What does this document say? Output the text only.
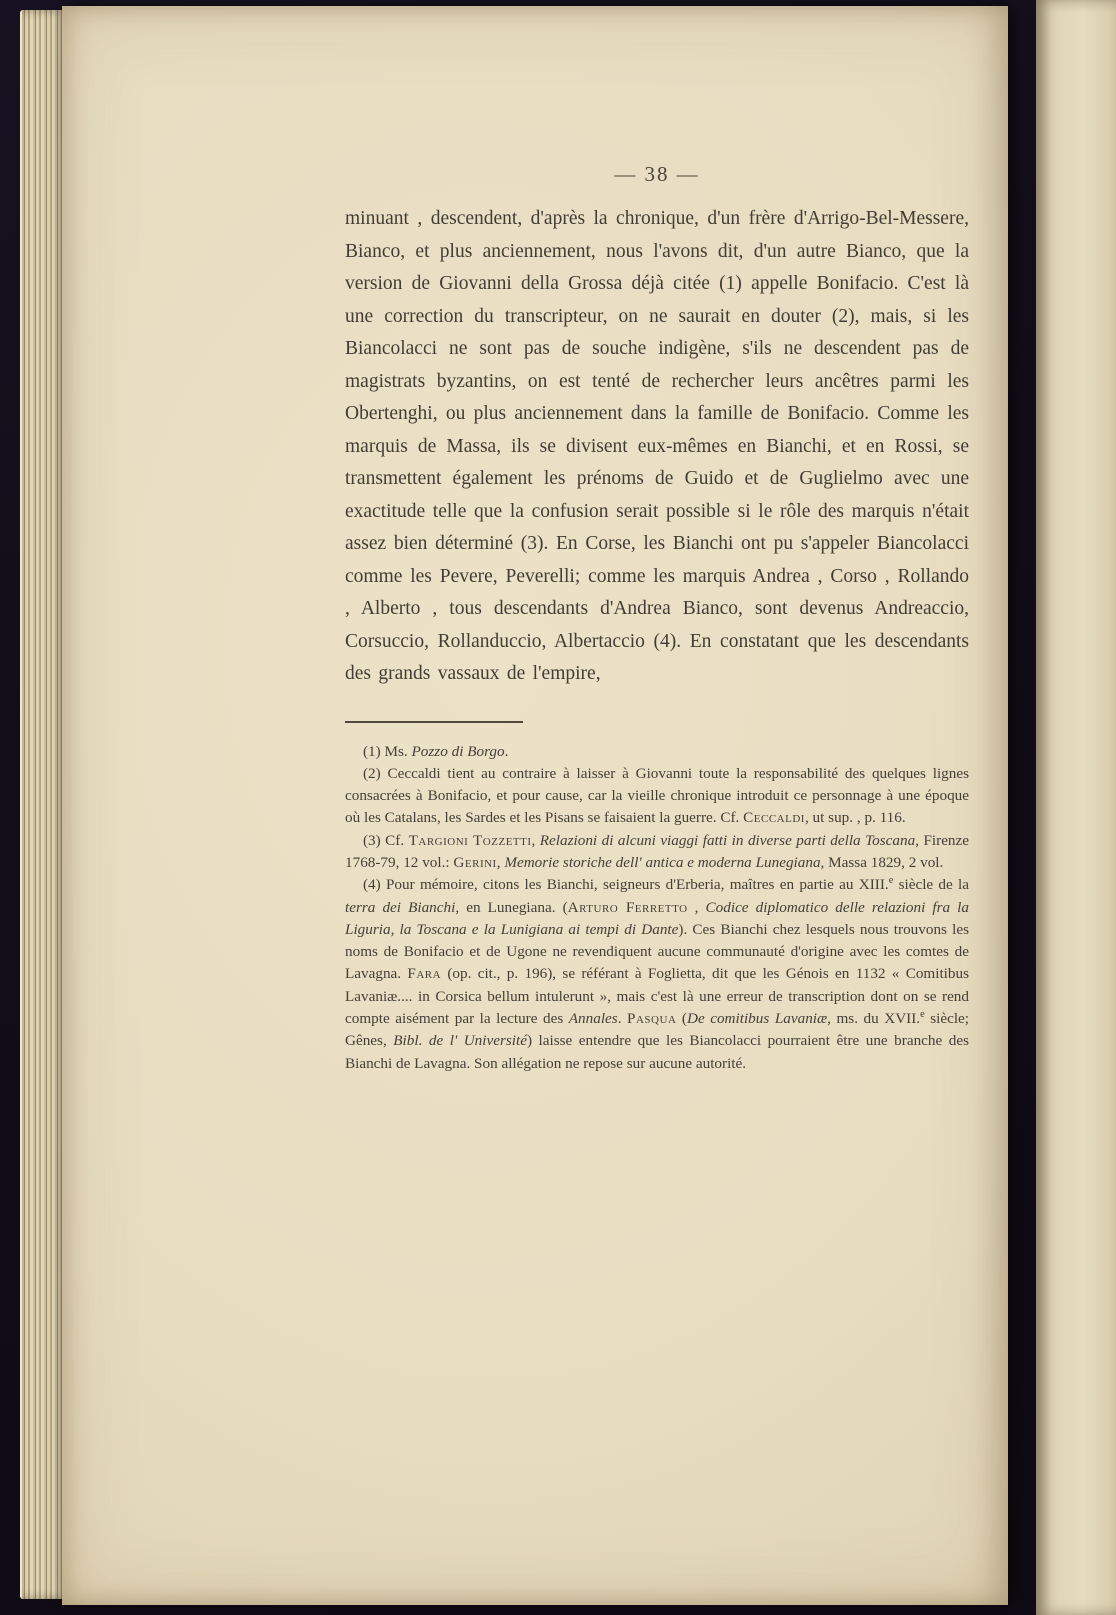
— 38 —

minuant , descendent, d'après la chronique, d'un frère d'Arrigo-Bel-Messere, Bianco, et plus anciennement, nous l'avons dit, d'un autre Bianco, que la version de Giovanni della Grossa déjà citée (1) appelle Bonifacio. C'est là une correction du transcripteur, on ne saurait en douter (2), mais, si les Biancolacci ne sont pas de souche indigène, s'ils ne descendent pas de magistrats byzantins, on est tenté de rechercher leurs ancêtres parmi les Obertenghi, ou plus anciennement dans la famille de Bonifacio. Comme les marquis de Massa, ils se divisent eux-mêmes en Bianchi, et en Rossi, se transmettent également les prénoms de Guido et de Guglielmo avec une exactitude telle que la confusion serait possible si le rôle des marquis n'était assez bien déterminé (3). En Corse, les Bianchi ont pu s'appeler Biancolacci comme les Pevere, Peverelli; comme les marquis Andrea , Corso , Rollando , Alberto , tous descendants d'Andrea Bianco, sont devenus Andreaccio, Corsuccio, Rollanduccio, Albertaccio (4). En constatant que les descendants des grands vassaux de l'empire,

(1) Ms. Pozzo di Borgo.

(2) Ceccaldi tient au contraire à laisser à Giovanni toute la responsabilité des quelques lignes consacrées à Bonifacio, et pour cause, car la vieille chronique introduit ce personnage à une époque où les Catalans, les Sardes et les Pisans se faisaient la guerre. Cf. Ceccaldi, ut sup. , p. 116.

(3) Cf. Targioni Tozzetti, Relazioni di alcuni viaggi fatti in diverse parti della Toscana, Firenze 1768-79, 12 vol.: Gerini, Memorie storiche dell' antica e moderna Lunegiana, Massa 1829, 2 vol.

(4) Pour mémoire, citons les Bianchi, seigneurs d'Erberia, maîtres en partie au XIII.$^e$ siècle de la terra dei Bianchi, en Lunegiana. (Arturo Ferretto , Codice diplomatico delle relazioni fra la Liguria, la Toscana e la Lunigiana ai tempi di Dante). Ces Bianchi chez lesquels nous trouvons les noms de Bonifacio et de Ugone ne revendiquent aucune communauté d'origine avec les comtes de Lavagna. Fara (op. cit., p. 196), se référant à Foglietta, dit que les Génois en 1132 « Comitibus Lavaniæ.... in Corsica bellum intulerunt », mais c'est là une erreur de transcription dont on se rend compte aisément par la lecture des Annales. Pasqua (De comitibus Lavaniæ, ms. du XVII.$^e$ siècle; Gênes, Bibl. de l' Université) laisse entendre que les Biancolacci pourraient être une branche des Bianchi de Lavagna. Son allégation ne repose sur aucune autorité.
